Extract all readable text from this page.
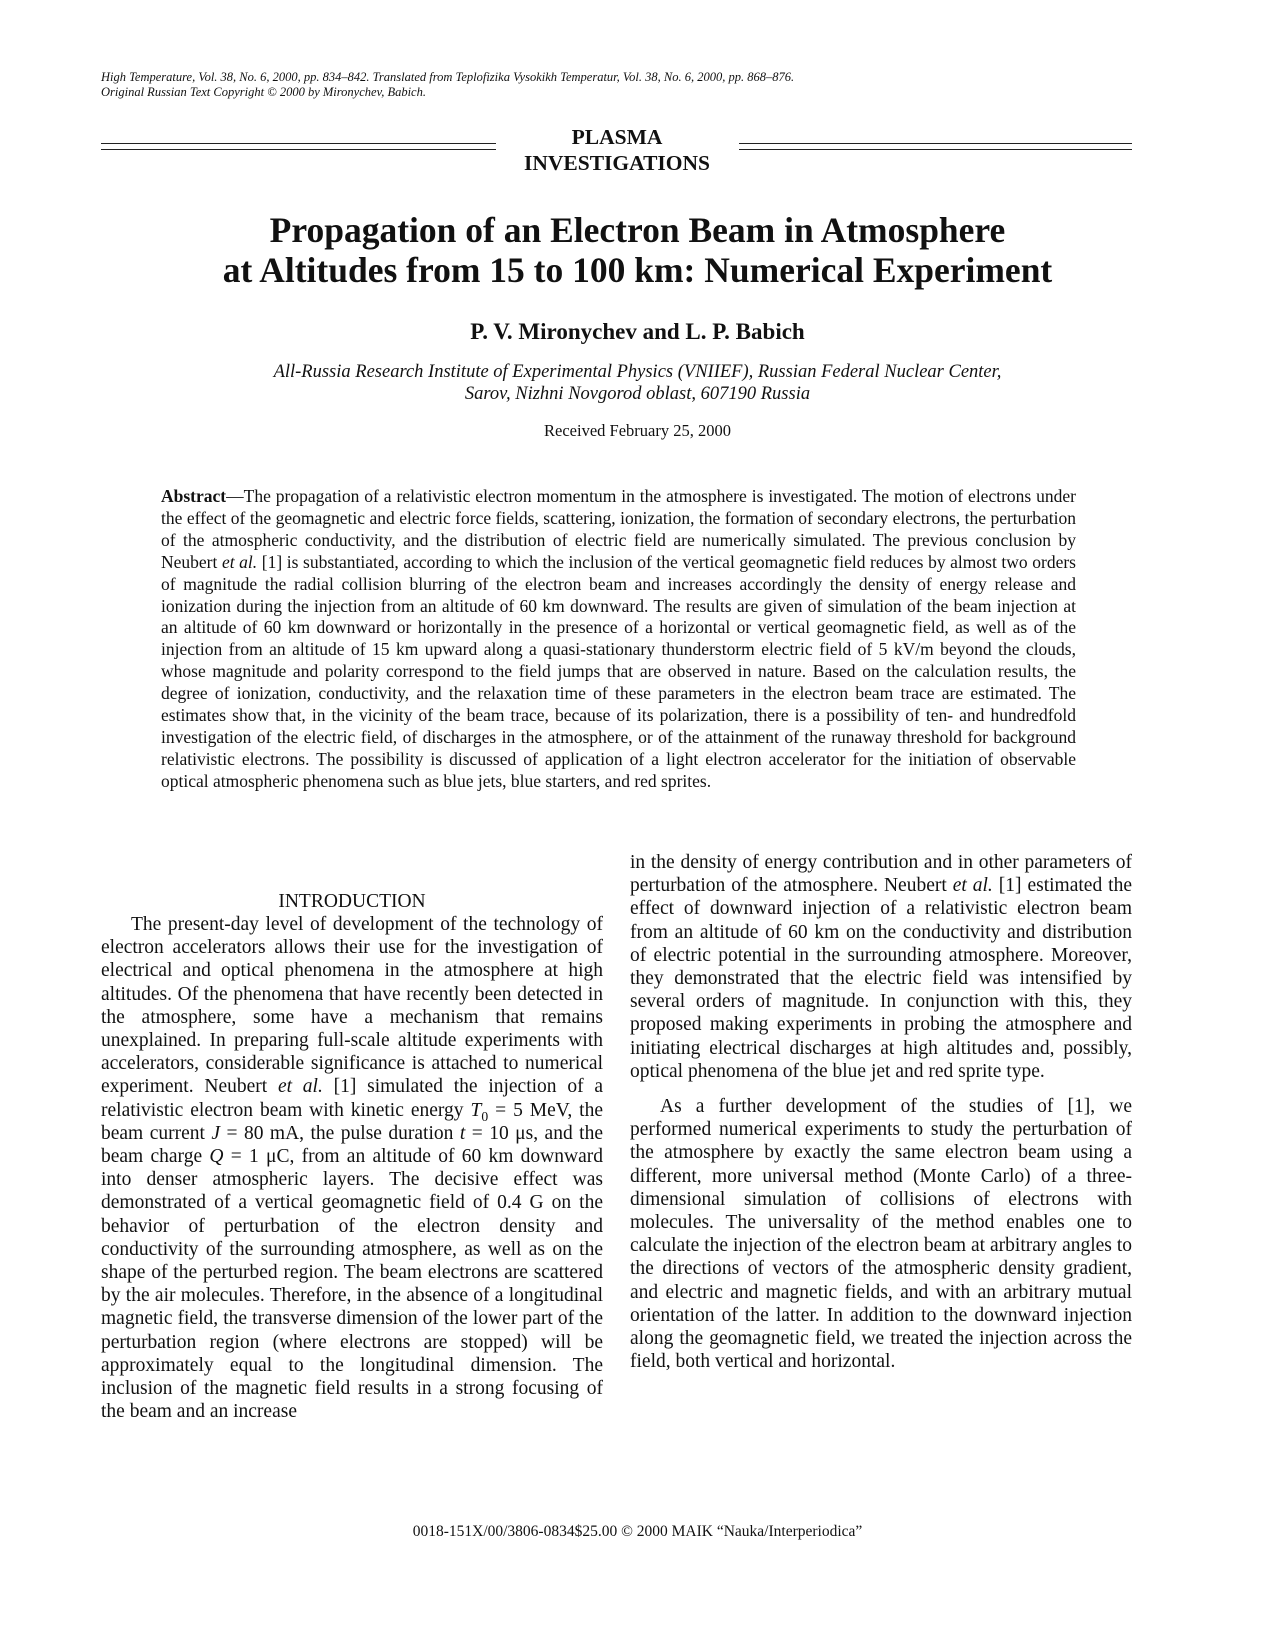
High Temperature, Vol. 38, No. 6, 2000, pp. 834–842. Translated from Teplofizika Vysokikh Temperatur, Vol. 38, No. 6, 2000, pp. 868–876.
Original Russian Text Copyright © 2000 by Mironychev, Babich.
PLASMA
INVESTIGATIONS
Propagation of an Electron Beam in Atmosphere
at Altitudes from 15 to 100 km: Numerical Experiment
P. V. Mironychev and L. P. Babich
All-Russia Research Institute of Experimental Physics (VNIIEF), Russian Federal Nuclear Center,
Sarov, Nizhni Novgorod oblast, 607190 Russia
Received February 25, 2000

Abstract—The propagation of a relativistic electron momentum in the atmosphere is investigated. The motion of electrons under the effect of the geomagnetic and electric force fields, scattering, ionization, the formation of secondary electrons, the perturbation of the atmospheric conductivity, and the distribution of electric field are numerically simulated. The previous conclusion by Neubert et al. [1] is substantiated, according to which the inclusion of the vertical geomagnetic field reduces by almost two orders of magnitude the radial collision blurring of the electron beam and increases accordingly the density of energy release and ionization during the injection from an altitude of 60 km downward. The results are given of simulation of the beam injection at an altitude of 60 km downward or horizontally in the presence of a horizontal or vertical geomagnetic field, as well as of the injection from an altitude of 15 km upward along a quasi-stationary thunderstorm electric field of 5 kV/m beyond the clouds, whose magnitude and polarity correspond to the field jumps that are observed in nature. Based on the calculation results, the degree of ionization, conductivity, and the relaxation time of these parameters in the electron beam trace are estimated. The estimates show that, in the vicinity of the beam trace, because of its polarization, there is a possibility of ten- and hundredfold investigation of the electric field, of discharges in the atmosphere, or of the attainment of the runaway threshold for background relativistic electrons. The possibility is discussed of application of a light electron accelerator for the initiation of observable optical atmospheric phenomena such as blue jets, blue starters, and red sprites.

INTRODUCTION

The present-day level of development of the technology of electron accelerators allows their use for the investigation of electrical and optical phenomena in the atmosphere at high altitudes. Of the phenomena that have recently been detected in the atmosphere, some have a mechanism that remains unexplained. In preparing full-scale altitude experiments with accelerators, considerable significance is attached to numerical experiment. Neubert et al. [1] simulated the injection of a relativistic electron beam with kinetic energy $T_0 = 5$ MeV, the beam current J = 80 mA, the pulse duration t = 10 μs, and the beam charge Q = 1 μC, from an altitude of 60 km downward into denser atmospheric layers. The decisive effect was demonstrated of a vertical geomagnetic field of 0.4 G on the behavior of perturbation of the electron density and conductivity of the surrounding atmosphere, as well as on the shape of the perturbed region. The beam electrons are scattered by the air molecules. Therefore, in the absence of a longitudinal magnetic field, the transverse dimension of the lower part of the perturbation region (where electrons are stopped) will be approximately equal to the longitudinal dimension. The inclusion of the magnetic field results in a strong focusing of the beam and an increase

in the density of energy contribution and in other parameters of perturbation of the atmosphere. Neubert et al. [1] estimated the effect of downward injection of a relativistic electron beam from an altitude of 60 km on the conductivity and distribution of electric potential in the surrounding atmosphere. Moreover, they demonstrated that the electric field was intensified by several orders of magnitude. In conjunction with this, they proposed making experiments in probing the atmosphere and initiating electrical discharges at high altitudes and, possibly, optical phenomena of the blue jet and red sprite type.

As a further development of the studies of [1], we performed numerical experiments to study the perturbation of the atmosphere by exactly the same electron beam using a different, more universal method (Monte Carlo) of a three-dimensional simulation of collisions of electrons with molecules. The universality of the method enables one to calculate the injection of the electron beam at arbitrary angles to the directions of vectors of the atmospheric density gradient, and electric and magnetic fields, and with an arbitrary mutual orientation of the latter. In addition to the downward injection along the geomagnetic field, we treated the injection across the field, both vertical and horizontal.

0018-151X/00/3806-0834$25.00 © 2000 MAIK “Nauka/Interperiodica”
